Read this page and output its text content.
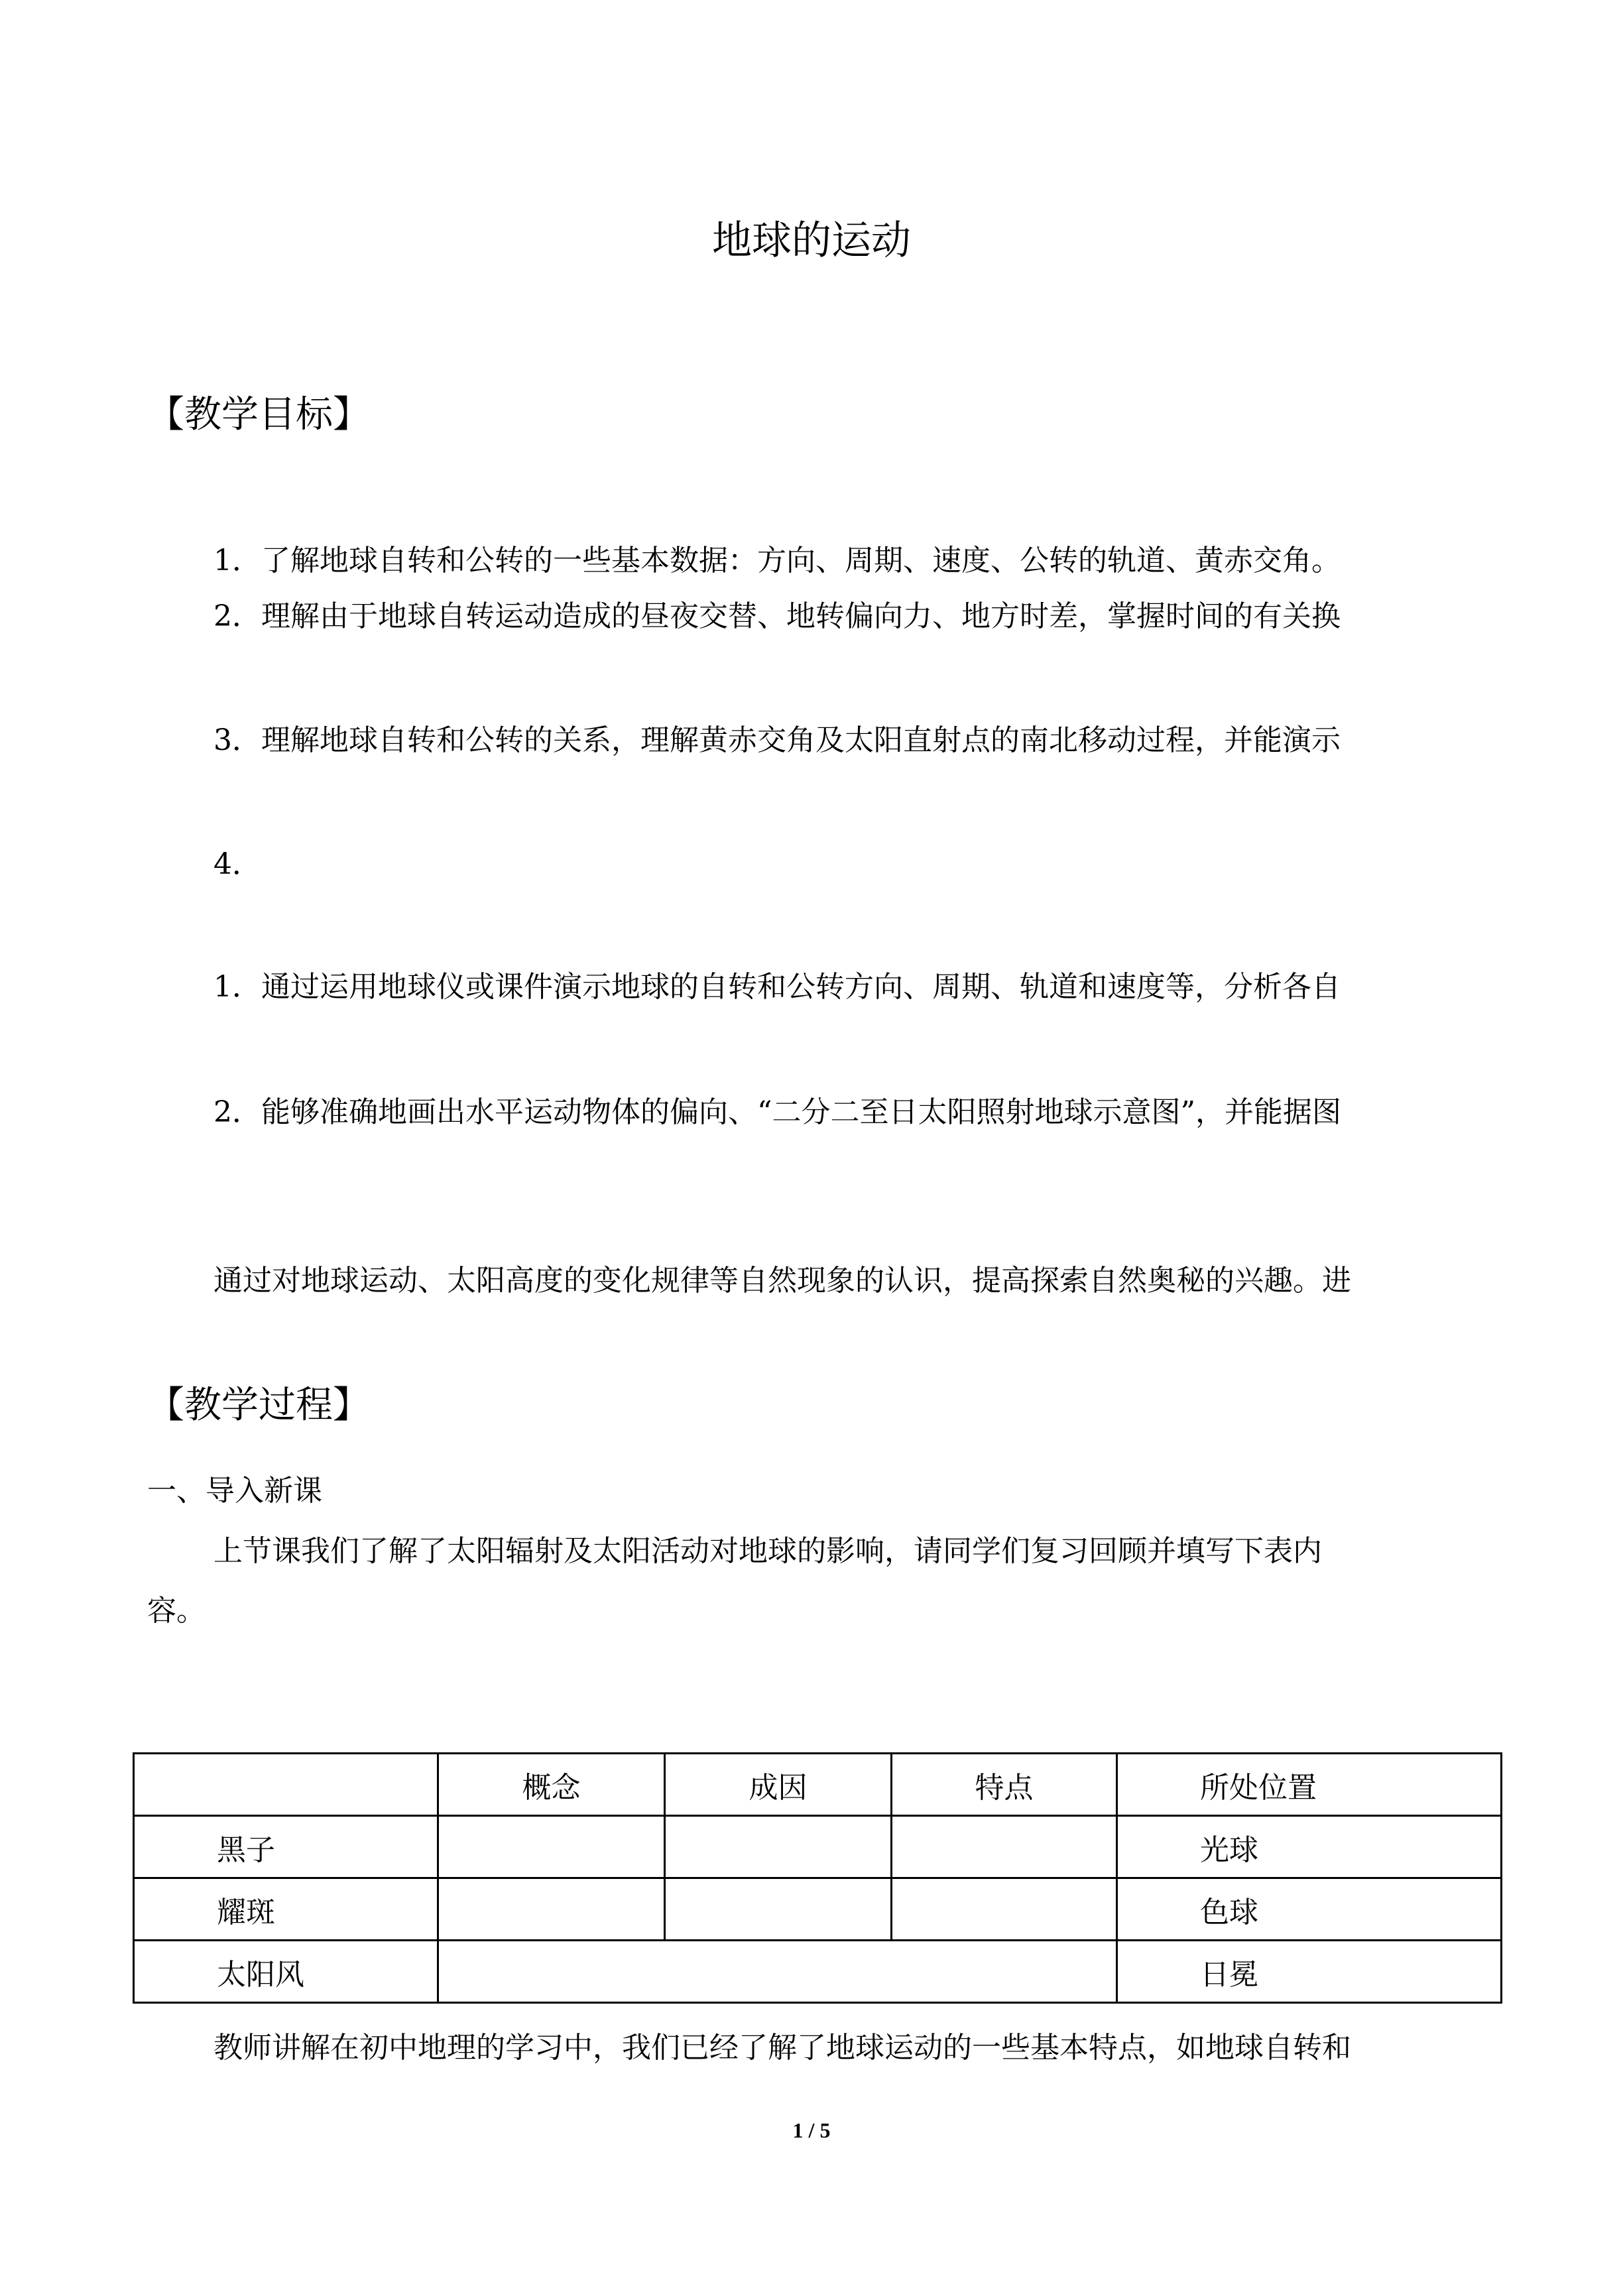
地球的运动
【教学目标】
1．了解地球自转和公转的一些基本数据：方向、周期、速度、公转的轨道、黄赤交角。
2．理解由于地球自转运动造成的昼夜交替、地转偏向力、地方时差，掌握时间的有关换
3．理解地球自转和公转的关系，理解黄赤交角及太阳直射点的南北移动过程，并能演示
4．
1．通过运用地球仪或课件演示地球的自转和公转方向、周期、轨道和速度等，分析各自
2．能够准确地画出水平运动物体的偏向、“二分二至日太阳照射地球示意图”，并能据图
通过对地球运动、太阳高度的变化规律等自然现象的认识，提高探索自然奥秘的兴趣。进
【教学过程】
一、导入新课
上节课我们了解了太阳辐射及太阳活动对地球的影响，请同学们复习回顾并填写下表内
容。
	概念	成因	特点	所处位置
黑子				光球
耀斑				色球
太阳风				日冕
教师讲解在初中地理的学习中，我们已经了解了地球运动的一些基本特点，如地球自转和
1 / 5
